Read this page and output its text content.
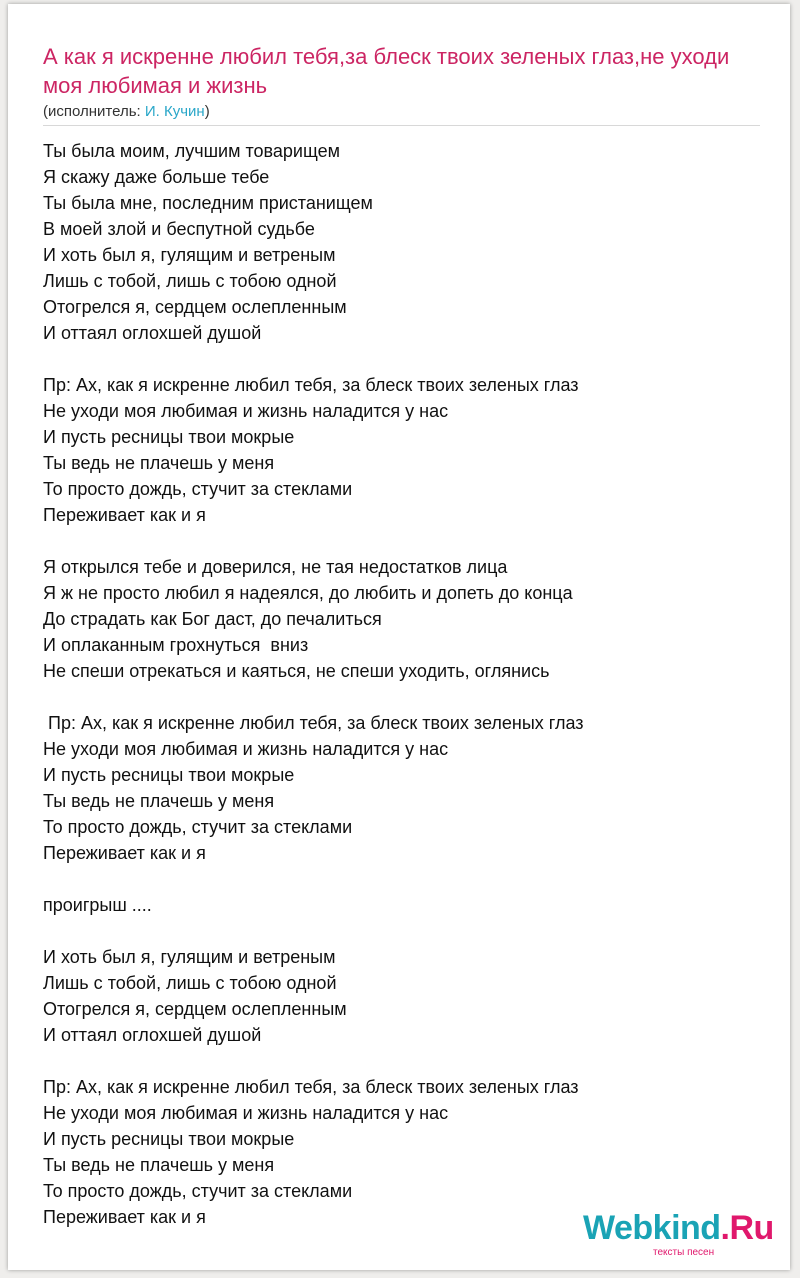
А как я искренне любил тебя,за блеск твоих зеленых глаз,не уходи моя любимая и жизнь
(исполнитель: И. Кучин)
Ты была моим, лучшим товарищем
Я скажу даже больше тебе
Ты была мне, последним пристанищем
В моей злой и беспутной судьбе
И хоть был я, гулящим и ветреным
Лишь с тобой, лишь с тобою одной
Отогрелся я, сердцем ослепленным
И оттаял оглохшей душой
Пр: Ах, как я искренне любил тебя, за блеск твоих зеленых глаз
Не уходи моя любимая и жизнь наладится у нас
И пусть ресницы твои мокрые
Ты ведь не плачешь у меня
То просто дождь, стучит за стеклами
Переживает как и я
Я открылся тебе и доверился, не тая недостатков лица
Я ж не просто любил я надеялся, до любить и допеть до конца
До страдать как Бог даст, до печалиться
И оплаканным грохнуться  вниз
Не спеши отрекаться и каяться, не спеши уходить, оглянись
Пр: Ах, как я искренне любил тебя, за блеск твоих зеленых глаз
Не уходи моя любимая и жизнь наладится у нас
И пусть ресницы твои мокрые
Ты ведь не плачешь у меня
То просто дождь, стучит за стеклами
Переживает как и я
проигрыш ....
И хоть был я, гулящим и ветреным
Лишь с тобой, лишь с тобою одной
Отогрелся я, сердцем ослепленным
И оттаял оглохшей душой
Пр: Ах, как я искренне любил тебя, за блеск твоих зеленых глаз
Не уходи моя любимая и жизнь наладится у нас
И пусть ресницы твои мокрые
Ты ведь не плачешь у меня
То просто дождь, стучит за стеклами
Переживает как и я	Webkind.Ru
тексты песен
